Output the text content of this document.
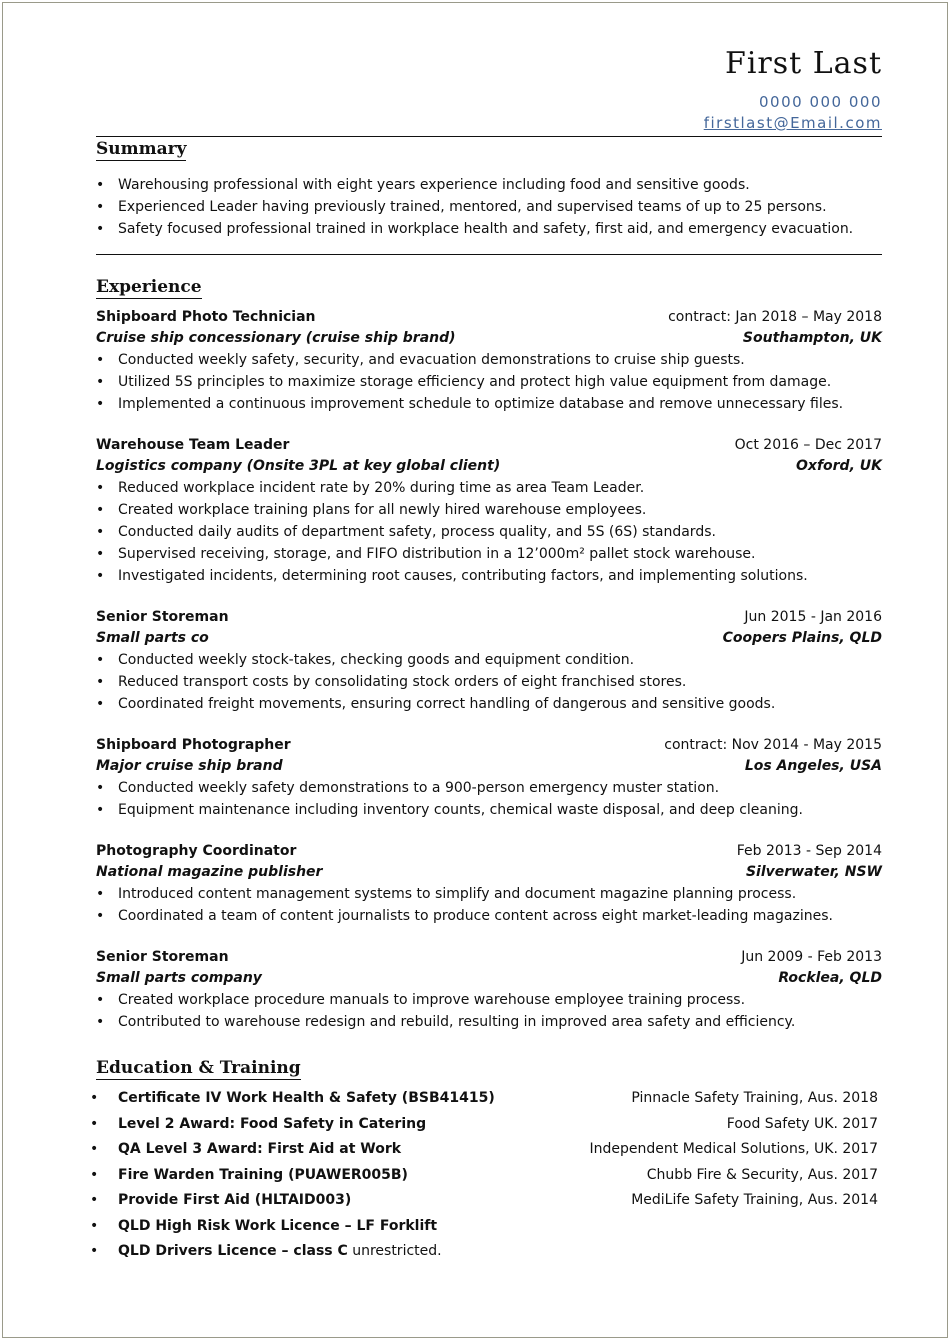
First Last
0000 000 000
firstlast@Email.com
Summary
• Warehousing professional with eight years experience including food and sensitive goods.
• Experienced Leader having previously trained, mentored, and supervised teams of up to 25 persons.
• Safety focused professional trained in workplace health and safety, first aid, and emergency evacuation.
Experience
Shipboard Photo Technician	contract: Jan 2018 – May 2018
Cruise ship concessionary (cruise ship brand)	Southampton, UK
• Conducted weekly safety, security, and evacuation demonstrations to cruise ship guests.
• Utilized 5S principles to maximize storage efficiency and protect high value equipment from damage.
• Implemented a continuous improvement schedule to optimize database and remove unnecessary files.
Warehouse Team Leader	Oct 2016 – Dec 2017
Logistics company (Onsite 3PL at key global client)	Oxford, UK
• Reduced workplace incident rate by 20% during time as area Team Leader.
• Created workplace training plans for all newly hired warehouse employees.
• Conducted daily audits of department safety, process quality, and 5S (6S) standards.
• Supervised receiving, storage, and FIFO distribution in a 12’000m² pallet stock warehouse.
• Investigated incidents, determining root causes, contributing factors, and implementing solutions.
Senior Storeman	Jun 2015 - Jan 2016
Small parts co	Coopers Plains, QLD
• Conducted weekly stock-takes, checking goods and equipment condition.
• Reduced transport costs by consolidating stock orders of eight franchised stores.
• Coordinated freight movements, ensuring correct handling of dangerous and sensitive goods.
Shipboard Photographer	contract: Nov 2014 - May 2015
Major cruise ship brand	Los Angeles, USA
• Conducted weekly safety demonstrations to a 900-person emergency muster station.
• Equipment maintenance including inventory counts, chemical waste disposal, and deep cleaning.
Photography Coordinator	Feb 2013 - Sep 2014
National magazine publisher	Silverwater, NSW
• Introduced content management systems to simplify and document magazine planning process.
• Coordinated a team of content journalists to produce content across eight market-leading magazines.
Senior Storeman	Jun 2009 - Feb 2013
Small parts company	Rocklea, QLD
• Created workplace procedure manuals to improve warehouse employee training process.
• Contributed to warehouse redesign and rebuild, resulting in improved area safety and efficiency.
Education & Training
• Certificate IV Work Health & Safety (BSB41415)	Pinnacle Safety Training, Aus. 2018
• Level 2 Award: Food Safety in Catering	Food Safety UK. 2017
• QA Level 3 Award: First Aid at Work	Independent Medical Solutions, UK. 2017
• Fire Warden Training (PUAWER005B)	Chubb Fire & Security, Aus. 2017
• Provide First Aid (HLTAID003)	MediLife Safety Training, Aus. 2014
• QLD High Risk Work Licence – LF Forklift
• QLD Drivers Licence – class C unrestricted.
